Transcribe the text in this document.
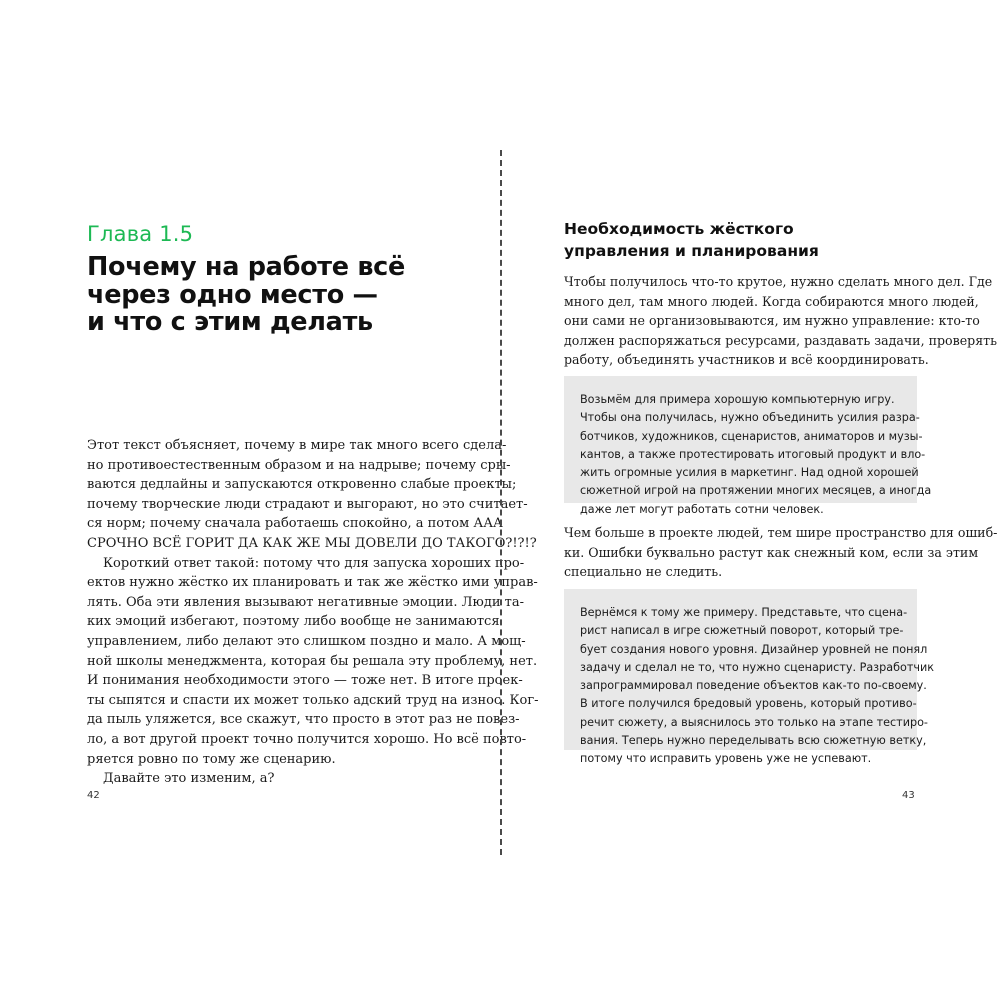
Глава 1.5
Почему на работе всё
через одно место —
и что с этим делать

Этот текст объясняет, почему в мире так много всего сдела-
но противоестественным образом и на надрыве; почему сры-
ваются дедлайны и запускаются откровенно слабые проекты;
почему творческие люди страдают и выгорают, но это считает-
ся норм; почему сначала работаешь спокойно, а потом ААА
СРОЧНО ВСЁ ГОРИТ ДА КАК ЖЕ МЫ ДОВЕЛИ ДО ТАКОГО?!?!?

Короткий ответ такой: потому что для запуска хороших про-
ектов нужно жёстко их планировать и так же жёстко ими управ-
лять. Оба эти явления вызывают негативные эмоции. Люди та-
ких эмоций избегают, поэтому либо вообще не занимаются
управлением, либо делают это слишком поздно и мало. А мощ-
ной школы менеджмента, которая бы решала эту проблему, нет.
И понимания необходимости этого — тоже нет. В итоге проек-
ты сыпятся и спасти их может только адский труд на износ. Ког-
да пыль уляжется, все скажут, что просто в этот раз не повез-
ло, а вот другой проект точно получится хорошо. Но всё повто-
ряется ровно по тому же сценарию.

Давайте это изменим, а?

42
Необходимость жёсткого
управления и планирования
Чтобы получилось что-то крутое, нужно сделать много дел. Где
много дел, там много людей. Когда собираются много людей,
они сами не организовываются, им нужно управление: кто-то
должен распоряжаться ресурсами, раздавать задачи, проверять
работу, объединять участников и всё координировать.
Возьмём для примера хорошую компьютерную игру.
Чтобы она получилась, нужно объединить усилия разра-
ботчиков, художников, сценаристов, аниматоров и музы-
кантов, а также протестировать итоговый продукт и вло-
жить огромные усилия в маркетинг. Над одной хорошей
сюжетной игрой на протяжении многих месяцев, а иногда
даже лет могут работать сотни человек.
Чем больше в проекте людей, тем шире пространство для ошиб-
ки. Ошибки буквально растут как снежный ком, если за этим
специально не следить.
Вернёмся к тому же примеру. Представьте, что сцена-
рист написал в игре сюжетный поворот, который тре-
бует создания нового уровня. Дизайнер уровней не понял
задачу и сделал не то, что нужно сценаристу. Разработчик
запрограммировал поведение объектов как-то по-своему.
В итоге получился бредовый уровень, который противо-
речит сюжету, а выяснилось это только на этапе тестиро-
вания. Теперь нужно переделывать всю сюжетную ветку,
потому что исправить уровень уже не успевают.
43
